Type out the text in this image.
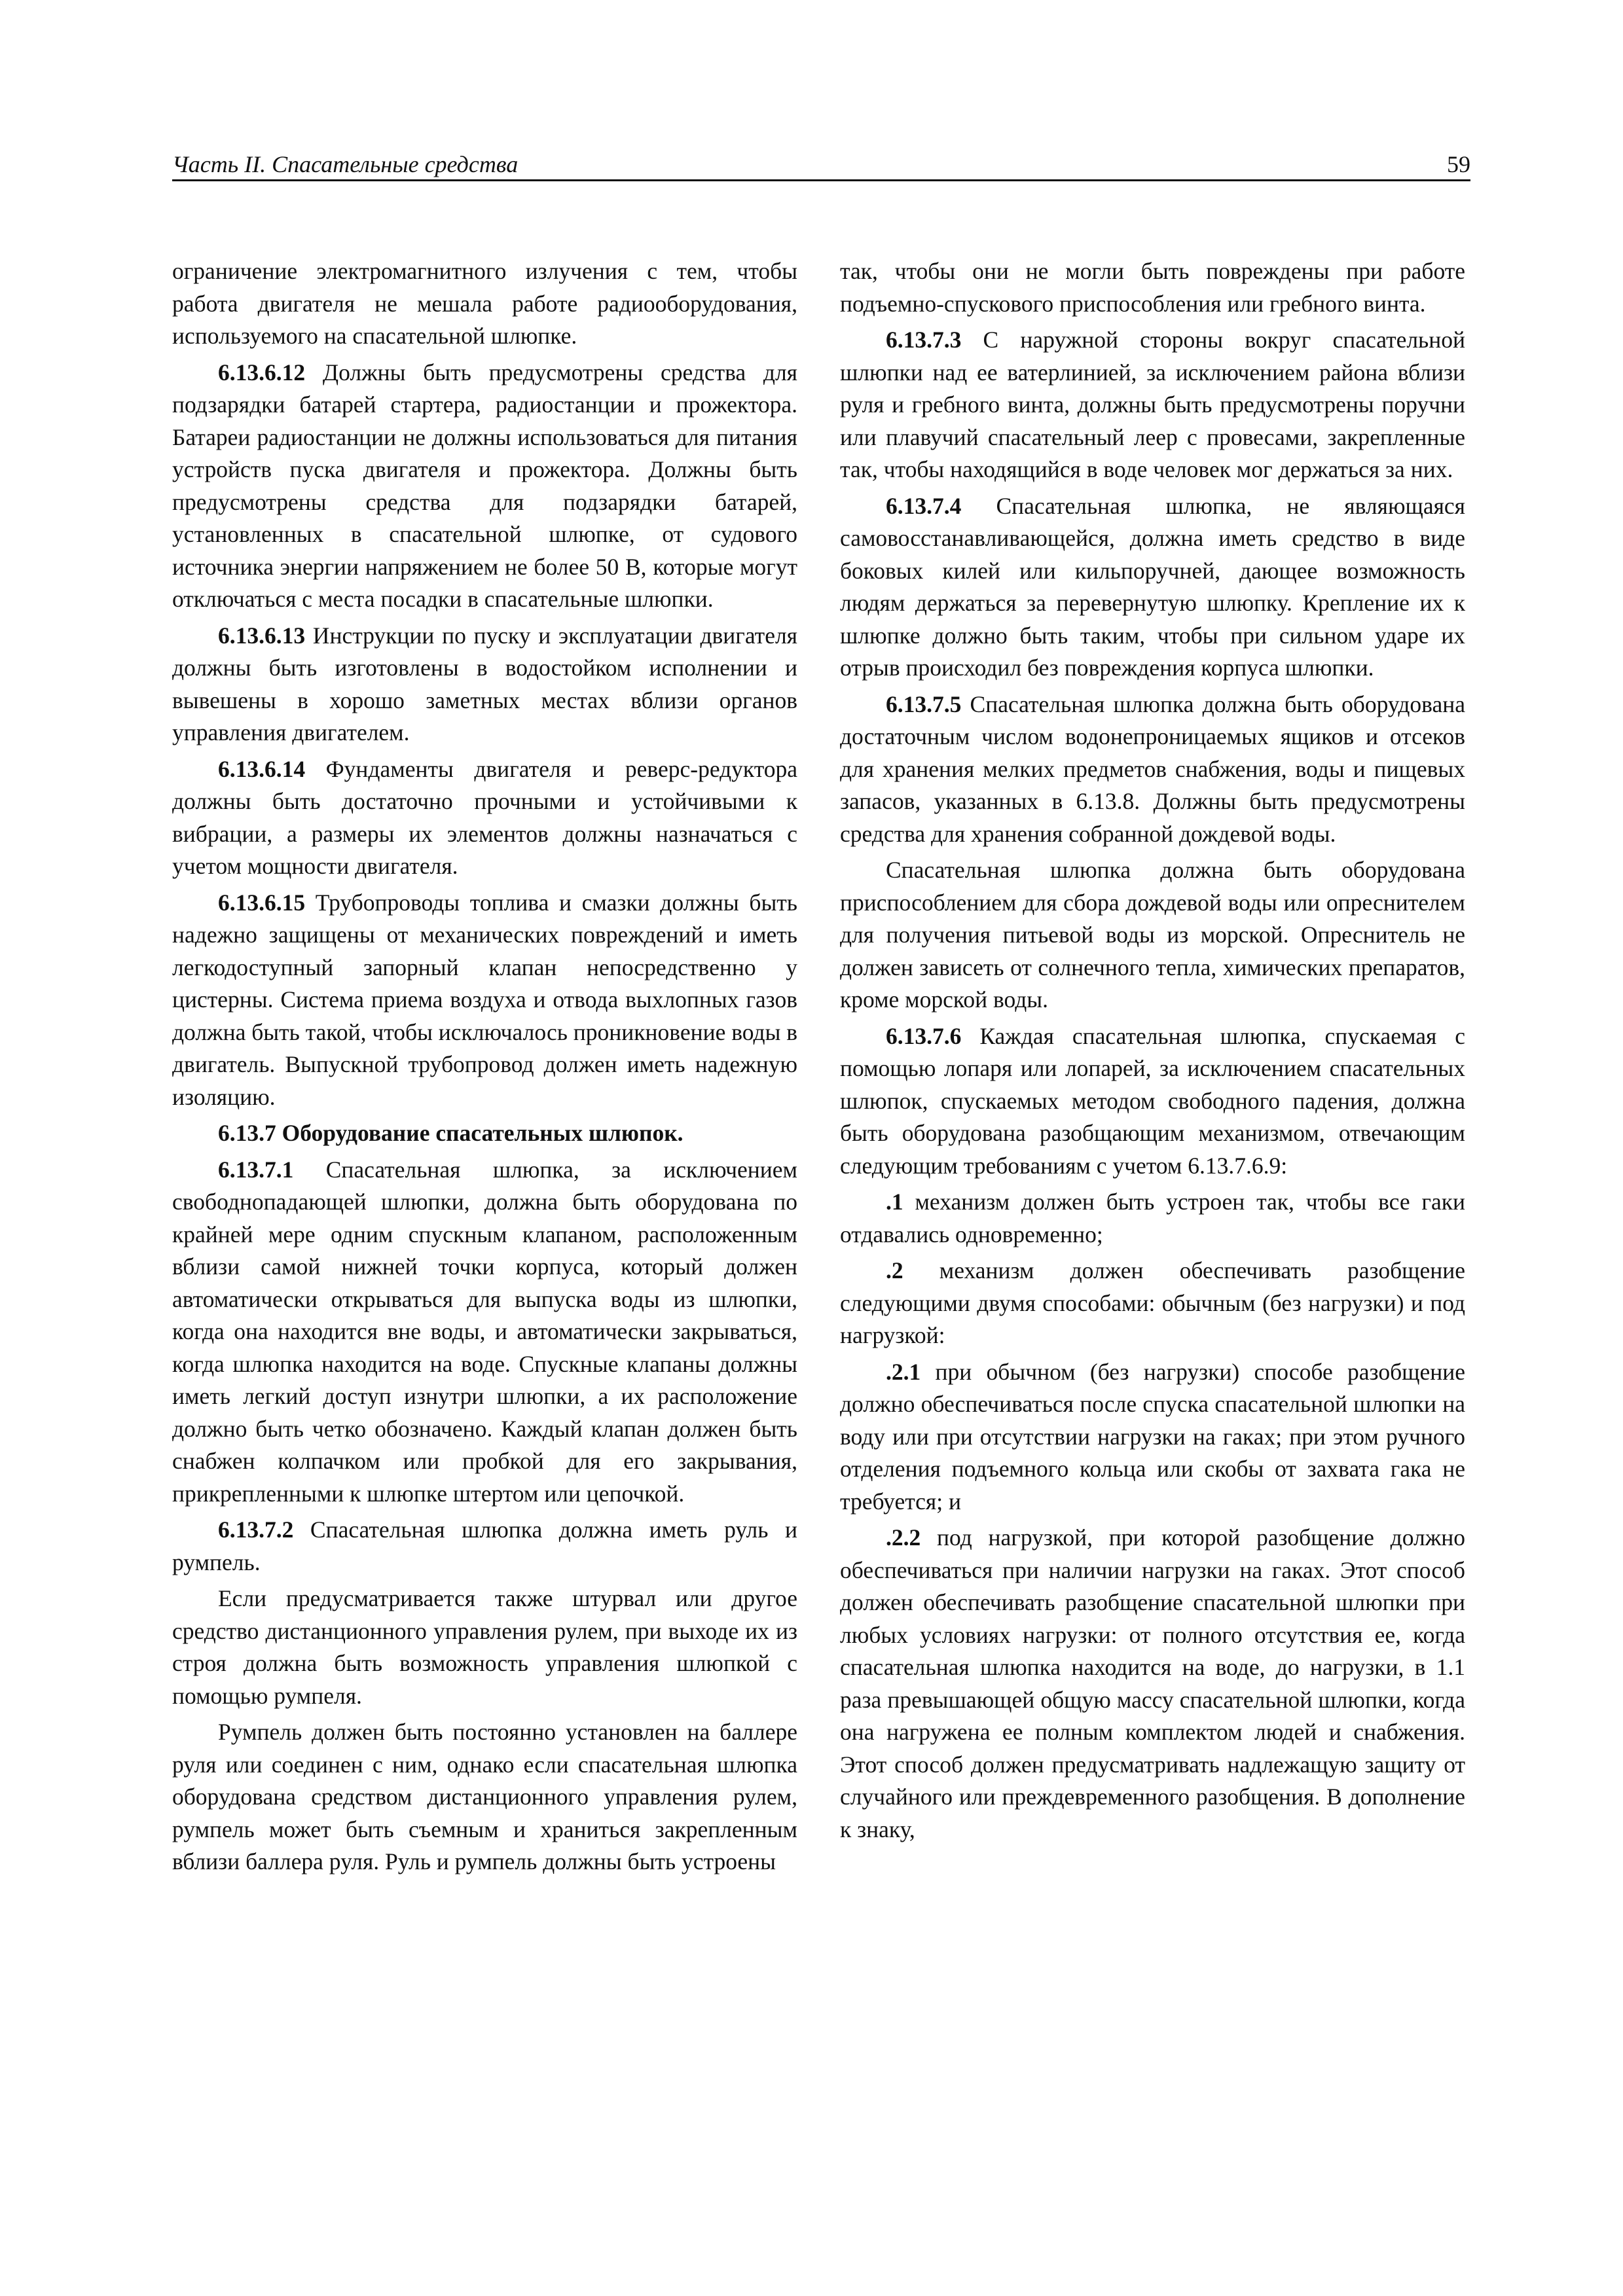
Часть II. Спасательные средства	59

ограничение электромагнитного излучения с тем, чтобы работа двигателя не мешала работе радиооборудования, используемого на спасательной шлюпке.

6.13.6.12 Должны быть предусмотрены средства для подзарядки батарей стартера, радиостанции и прожектора. Батареи радиостанции не должны использоваться для питания устройств пуска двигателя и прожектора. Должны быть предусмотрены средства для подзарядки батарей, установленных в спасательной шлюпке, от судового источника энергии напряжением не более 50 В, которые могут отключаться с места посадки в спасательные шлюпки.

6.13.6.13 Инструкции по пуску и эксплуатации двигателя должны быть изготовлены в водостойком исполнении и вывешены в хорошо заметных местах вблизи органов управления двигателем.

6.13.6.14 Фундаменты двигателя и реверс-редуктора должны быть достаточно прочными и устойчивыми к вибрации, а размеры их элементов должны назначаться с учетом мощности двигателя.

6.13.6.15 Трубопроводы топлива и смазки должны быть надежно защищены от механических повреждений и иметь легкодоступный запорный клапан непосредственно у цистерны. Система приема воздуха и отвода выхлопных газов должна быть такой, чтобы исключалось проникновение воды в двигатель. Выпускной трубопровод должен иметь надежную изоляцию.

6.13.7 Оборудование спасательных шлюпок.

6.13.7.1 Спасательная шлюпка, за исключением свободнопадающей шлюпки, должна быть оборудована по крайней мере одним спускным клапаном, расположенным вблизи самой нижней точки корпуса, который должен автоматически открываться для выпуска воды из шлюпки, когда она находится вне воды, и автоматически закрываться, когда шлюпка находится на воде. Спускные клапаны должны иметь легкий доступ изнутри шлюпки, а их расположение должно быть четко обозначено. Каждый клапан должен быть снабжен колпачком или пробкой для его закрывания, прикрепленными к шлюпке штертом или цепочкой.

6.13.7.2 Спасательная шлюпка должна иметь руль и румпель.

Если предусматривается также штурвал или другое средство дистанционного управления рулем, при выходе их из строя должна быть возможность управления шлюпкой с помощью румпеля.

Румпель должен быть постоянно установлен на баллере руля или соединен с ним, однако если спасательная шлюпка оборудована средством дистанционного управления рулем, румпель может быть съемным и храниться закрепленным вблизи баллера руля. Руль и румпель должны быть устроены

так, чтобы они не могли быть повреждены при работе подъемно-спускового приспособления или гребного винта.

6.13.7.3 С наружной стороны вокруг спасательной шлюпки над ее ватерлинией, за исключением района вблизи руля и гребного винта, должны быть предусмотрены поручни или плавучий спасательный леер с провесами, закрепленные так, чтобы находящийся в воде человек мог держаться за них.

6.13.7.4 Спасательная шлюпка, не являющаяся самовосстанавливающейся, должна иметь средство в виде боковых килей или кильпоручней, дающее возможность людям держаться за перевернутую шлюпку. Крепление их к шлюпке должно быть таким, чтобы при сильном ударе их отрыв происходил без повреждения корпуса шлюпки.

6.13.7.5 Спасательная шлюпка должна быть оборудована достаточным числом водонепроницаемых ящиков и отсеков для хранения мелких предметов снабжения, воды и пищевых запасов, указанных в 6.13.8. Должны быть предусмотрены средства для хранения собранной дождевой воды.

Спасательная шлюпка должна быть оборудована приспособлением для сбора дождевой воды или опреснителем для получения питьевой воды из морской. Опреснитель не должен зависеть от солнечного тепла, химических препаратов, кроме морской воды.

6.13.7.6 Каждая спасательная шлюпка, спускаемая с помощью лопаря или лопарей, за исключением спасательных шлюпок, спускаемых методом свободного падения, должна быть оборудована разобщающим механизмом, отвечающим следующим требованиям с учетом 6.13.7.6.9:

.1 механизм должен быть устроен так, чтобы все гаки отдавались одновременно;

.2 механизм должен обеспечивать разобщение следующими двумя способами: обычным (без нагрузки) и под нагрузкой:

.2.1 при обычном (без нагрузки) способе разобщение должно обеспечиваться после спуска спасательной шлюпки на воду или при отсутствии нагрузки на гаках; при этом ручного отделения подъемного кольца или скобы от захвата гака не требуется; и

.2.2 под нагрузкой, при которой разобщение должно обеспечиваться при наличии нагрузки на гаках. Этот способ должен обеспечивать разобщение спасательной шлюпки при любых условиях нагрузки: от полного отсутствия ее, когда спасательная шлюпка находится на воде, до нагрузки, в 1.1 раза превышающей общую массу спасательной шлюпки, когда она нагружена ее полным комплектом людей и снабжения. Этот способ должен предусматривать надлежащую защиту от случайного или преждевременного разобщения. В дополнение к знаку,
